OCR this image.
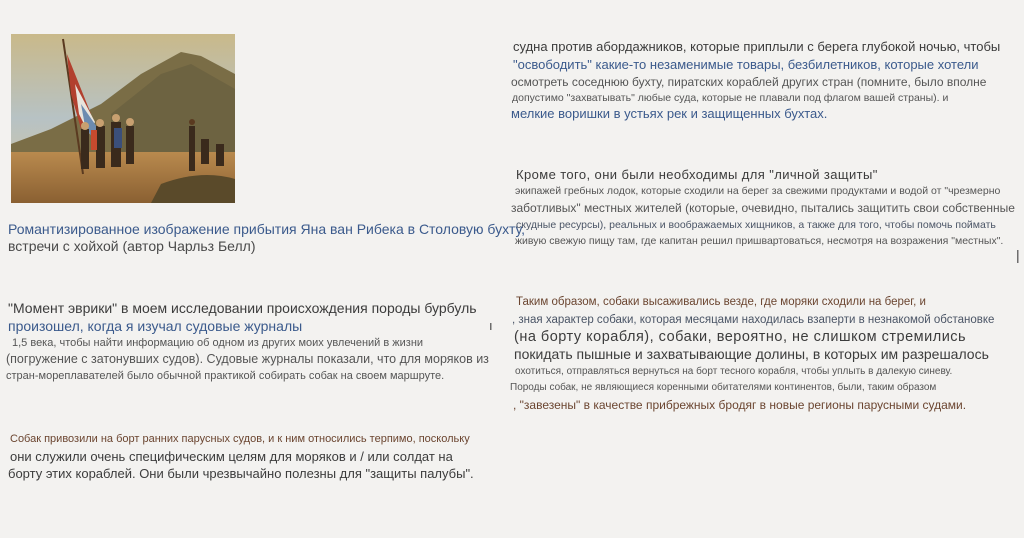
Романтизированное изображение прибытия Яна ван Рибека в Столовую бухту,
встречи с хойхой (автор Чарльз Белл)
"Момент эврики" в моем исследовании происхождения породы бурбуль
произошел, когда я изучал судовые журналы	ı
1,5 века, чтобы найти информацию об одном из других моих увлечений в жизни
(погружение с затонувших судов). Судовые журналы показали, что для моряков из
стран-мореплавателей было обычной практикой собирать собак на своем маршруте.
Собак привозили на борт ранних парусных судов, и к ним относились терпимо, поскольку
они служили очень специфическим целям для моряков и / или солдат на
борту этих кораблей. Они были чрезвычайно полезны для "защиты палубы".
судна против абордажников, которые приплыли с берега глубокой ночью, чтобы
"освободить" какие-то незаменимые товары, безбилетников, которые хотели
осмотреть соседнюю бухту, пиратских кораблей других стран (помните, было вполне
допустимо "захватывать" любые суда, которые не плавали под флагом вашей страны). и
мелкие воришки в устьях рек и защищенных бухтах.
Кроме того, они были необходимы для "личной защиты"
экипажей гребных лодок, которые сходили на берег за свежими продуктами и водой от "чрезмерно
заботливых" местных жителей (которые, очевидно, пытались защитить свои собственные
скудные ресурсы), реальных и воображаемых хищников, а также для того, чтобы помочь поймать
живую свежую пищу там, где капитан решил пришвартоваться, несмотря на возражения "местных".
|
Таким образом, собаки высаживались везде, где моряки сходили на берег, и
, зная характер собаки, которая месяцами находилась взаперти в незнакомой обстановке
(на борту корабля), собаки, вероятно, не слишком стремились
покидать пышные и захватывающие долины, в которых им разрешалось
охотиться, отправляться вернуться на борт тесного корабля, чтобы уплыть в далекую синеву.
Породы собак, не являющиеся коренными обитателями континентов, были, таким образом
, "завезены" в качестве прибрежных бродяг в новые регионы парусными судами.
